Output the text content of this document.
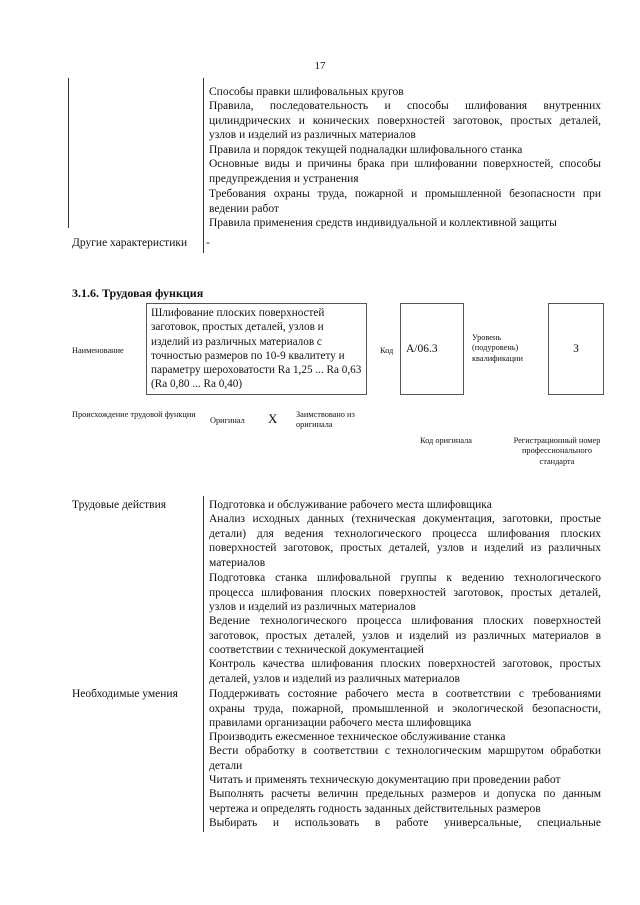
17
Способы правки шлифовальных кругов
Правила, последовательность и способы шлифования внутренних цилиндрических и конических поверхностей заготовок, простых деталей, узлов и изделий из различных материалов
Правила и порядок текущей подналадки шлифовального станка
Основные виды и причины брака при шлифовании поверхностей, способы предупреждения и устранения
Требования охраны труда, пожарной и промышленной безопасности при ведении работ
Правила применения средств индивидуальной и коллективной защиты
Другие характеристики	-
3.1.6. Трудовая функция
Наименование
Шлифование плоских поверхностей заготовок, простых деталей, узлов и изделий из различных материалов с точностью размеров по 10-9 квалитету и параметру шероховатости Ra 1,25 ... Ra 0,63 (Ra 0,80 ... Ra 0,40)
Код А/06.3
Уровень (подуровень) квалификации
3
Происхождение трудовой функции
Оригинал X Заимствовано из оригинала
Код оригинала	Регистрационный номер профессионального стандарта
Трудовые действия	Подготовка и обслуживание рабочего места шлифовщика
Анализ исходных данных (техническая документация, заготовки, простые детали) для ведения технологического процесса шлифования плоских поверхностей заготовок, простых деталей, узлов и изделий из различных материалов
Подготовка станка шлифовальной группы к ведению технологического процесса шлифования плоских поверхностей заготовок, простых деталей, узлов и изделий из различных материалов
Ведение технологического процесса шлифования плоских поверхностей заготовок, простых деталей, узлов и изделий из различных материалов в соответствии с технической документацией
Контроль качества шлифования плоских поверхностей заготовок, простых деталей, узлов и изделий из различных материалов
Необходимые умения	Поддерживать состояние рабочего места в соответствии с требованиями охраны труда, пожарной, промышленной и экологической безопасности, правилами организации рабочего места шлифовщика
Производить ежесменное техническое обслуживание станка
Вести обработку в соответствии с технологическим маршрутом обработки детали
Читать и применять техническую документацию при проведении работ
Выполнять расчеты величин предельных размеров и допуска по данным чертежа и определять годность заданных действительных размеров
Выбирать и использовать в работе универсальные, специальные
